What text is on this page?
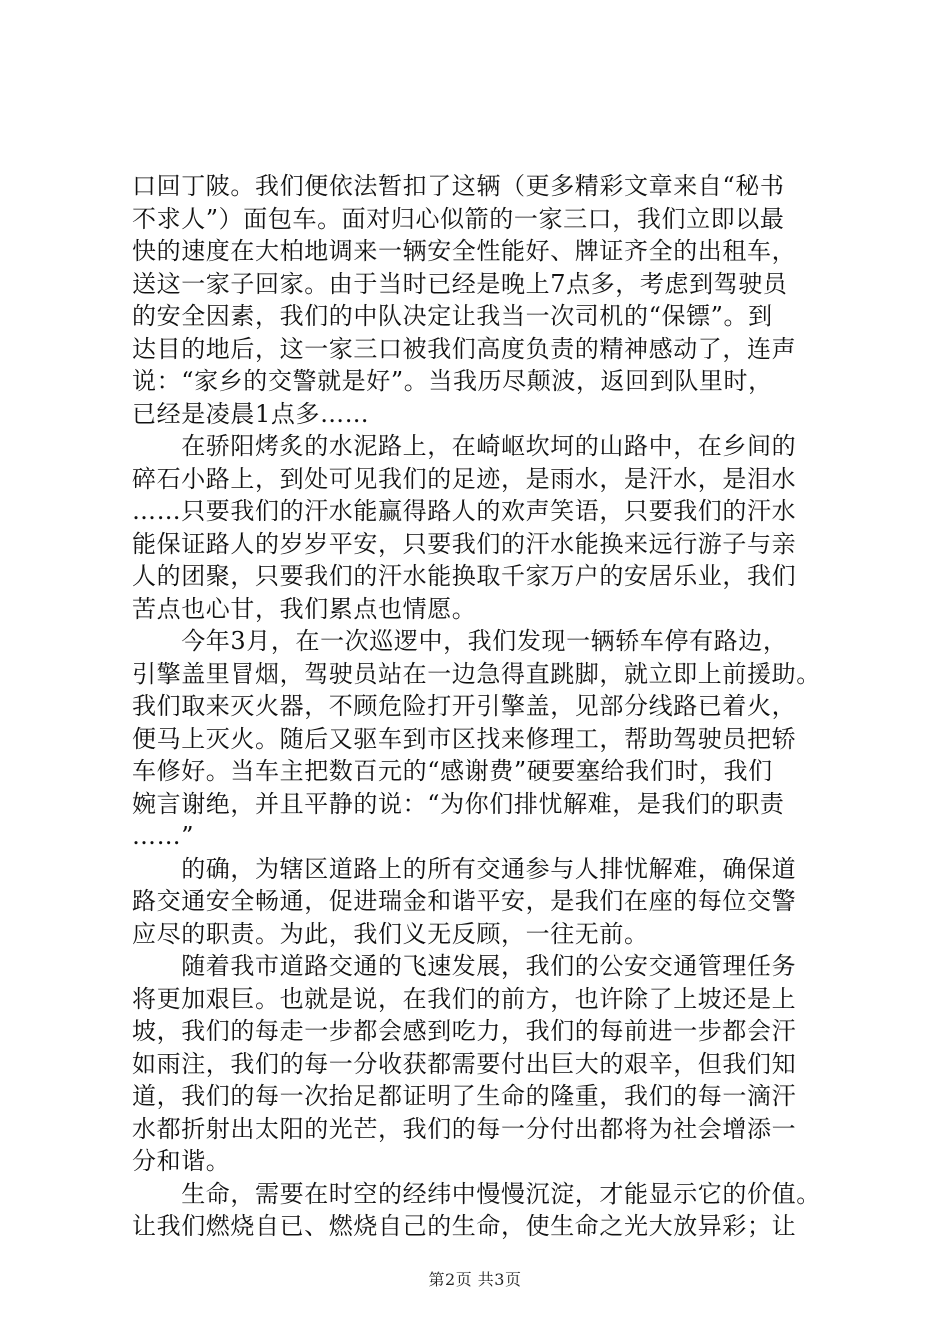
口回丁陂。我们便依法暂扣了这辆（更多精彩文章来自“秘书
不求人”）面包车。面对归心似箭的一家三口，我们立即以最
快的速度在大柏地调来一辆安全性能好、牌证齐全的出租车，
送这一家子回家。由于当时已经是晚上7点多，考虑到驾驶员
的安全因素，我们的中队决定让我当一次司机的“保镖”。到
达目的地后，这一家三口被我们高度负责的精神感动了，连声
说：“家乡的交警就是好”。当我历尽颠波，返回到队里时，
已经是凌晨1点多……
　　在骄阳烤炙的水泥路上，在崎岖坎坷的山路中，在乡间的
碎石小路上，到处可见我们的足迹，是雨水，是汗水，是泪水
……只要我们的汗水能赢得路人的欢声笑语，只要我们的汗水
能保证路人的岁岁平安，只要我们的汗水能换来远行游子与亲
人的团聚，只要我们的汗水能换取千家万户的安居乐业，我们
苦点也心甘，我们累点也情愿。
　　今年3月，在一次巡逻中，我们发现一辆轿车停有路边，
引擎盖里冒烟，驾驶员站在一边急得直跳脚，就立即上前援助。
我们取来灭火器，不顾危险打开引擎盖，见部分线路已着火，
便马上灭火。随后又驱车到市区找来修理工，帮助驾驶员把轿
车修好。当车主把数百元的“感谢费”硬要塞给我们时，我们
婉言谢绝，并且平静的说：“为你们排忧解难，是我们的职责
……”
　　的确，为辖区道路上的所有交通参与人排忧解难，确保道
路交通安全畅通，促进瑞金和谐平安，是我们在座的每位交警
应尽的职责。为此，我们义无反顾，一往无前。
　　随着我市道路交通的飞速发展，我们的公安交通管理任务
将更加艰巨。也就是说，在我们的前方，也许除了上坡还是上
坡，我们的每走一步都会感到吃力，我们的每前进一步都会汗
如雨注，我们的每一分收获都需要付出巨大的艰辛，但我们知
道，我们的每一次抬足都证明了生命的隆重，我们的每一滴汗
水都折射出太阳的光芒，我们的每一分付出都将为社会增添一
分和谐。
　　生命，需要在时空的经纬中慢慢沉淀，才能显示它的价值。
让我们燃烧自已、燃烧自己的生命，使生命之光大放异彩；让
第2页 共3页
